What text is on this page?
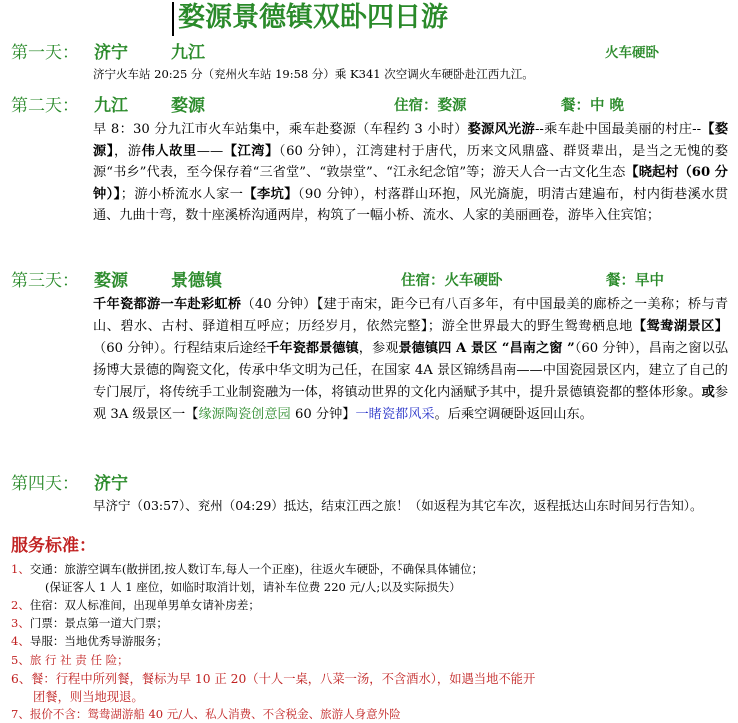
婺源景德镇双卧四日游
第一天： 济宁	九江	火车硬卧
济宁火车站 20:25 分（兖州火车站 19:58 分）乘 K341 次空调火车硬卧赴江西九江。
第二天： 九江	婺源	住宿：婺源	餐：中 晚
早 8：30 分九江市火车站集中，乘车赴婺源（车程约 3 小时）婺源风光游--乘车赴中国最美丽的村庄--【婺源】，游伟人故里——【江湾】（60 分钟），江湾建村于唐代，历来文风鼎盛、群贤辈出，是当之无愧的婺源“书乡”代表，至今保存着“三省堂”、“敦崇堂”、“江永纪念馆”等；游天人合一古文化生态【晓起村（60 分钟）】；游小桥流水人家一【李坑】（90 分钟），村落群山环抱，风光旖旎，明清古建遍布，村内街巷溪水贯通、九曲十弯，数十座溪桥沟通两岸，构筑了一幅小桥、流水、人家的美丽画卷，游毕入住宾馆；
第三天： 婺源	景德镇	住宿：火车硬卧	餐：早中
千年瓷都游一车赴彩虹桥（40 分钟）【建于南宋，距今已有八百多年，有中国最美的廊桥之一美称；桥与青山、碧水、古村、驿道相互呼应；历经岁月，依然完整】；游全世界最大的野生鸳鸯栖息地【鸳鸯湖景区】（60 分钟）。行程结束后途经千年瓷都景德镇，参观景德镇四 A 景区 “昌南之窗 ”（60 分钟），昌南之窗以弘扬博大景德的陶瓷文化，传承中华文明为己任，在国家 4A 景区锦绣昌南——中国瓷园景区内，建立了自己的专门展厅，将传统手工业制瓷融为一体，将镇动世界的文化内涵赋予其中，提升景德镇瓷都的整体形象。或参观 3A 级景区一【缘源陶瓷创意园 60 分钟】一睹瓷都风采。后乘空调硬卧返回山东。
第四天： 济宁
早济宁（03:57）、兖州（04:29）抵达，结束江西之旅！（如返程为其它车次，返程抵达山东时间另行告知）。
服务标准：
1、交通：旅游空调车(散拼团,按人数订车,每人一个正座)，往返火车硬卧，不确保具体铺位；
(保证客人 1 人 1 座位，如临时取消计划，请补车位费 220 元/人;以及实际损失）
2、住宿：双人标准间，出现单男单女请补房差；
3、门票：景点第一道大门票；
4、导服：当地优秀导游服务；
5、旅 行 社 责 任 险；
6、餐：行程中所列餐，餐标为早 10 正 20（十人一桌，八菜一汤，不含酒水），如遇当地不能开
团餐，则当地现退。
7、报价不含：鸳鸯湖游船 40 元/人、私人消费、不含税金、旅游人身意外险
